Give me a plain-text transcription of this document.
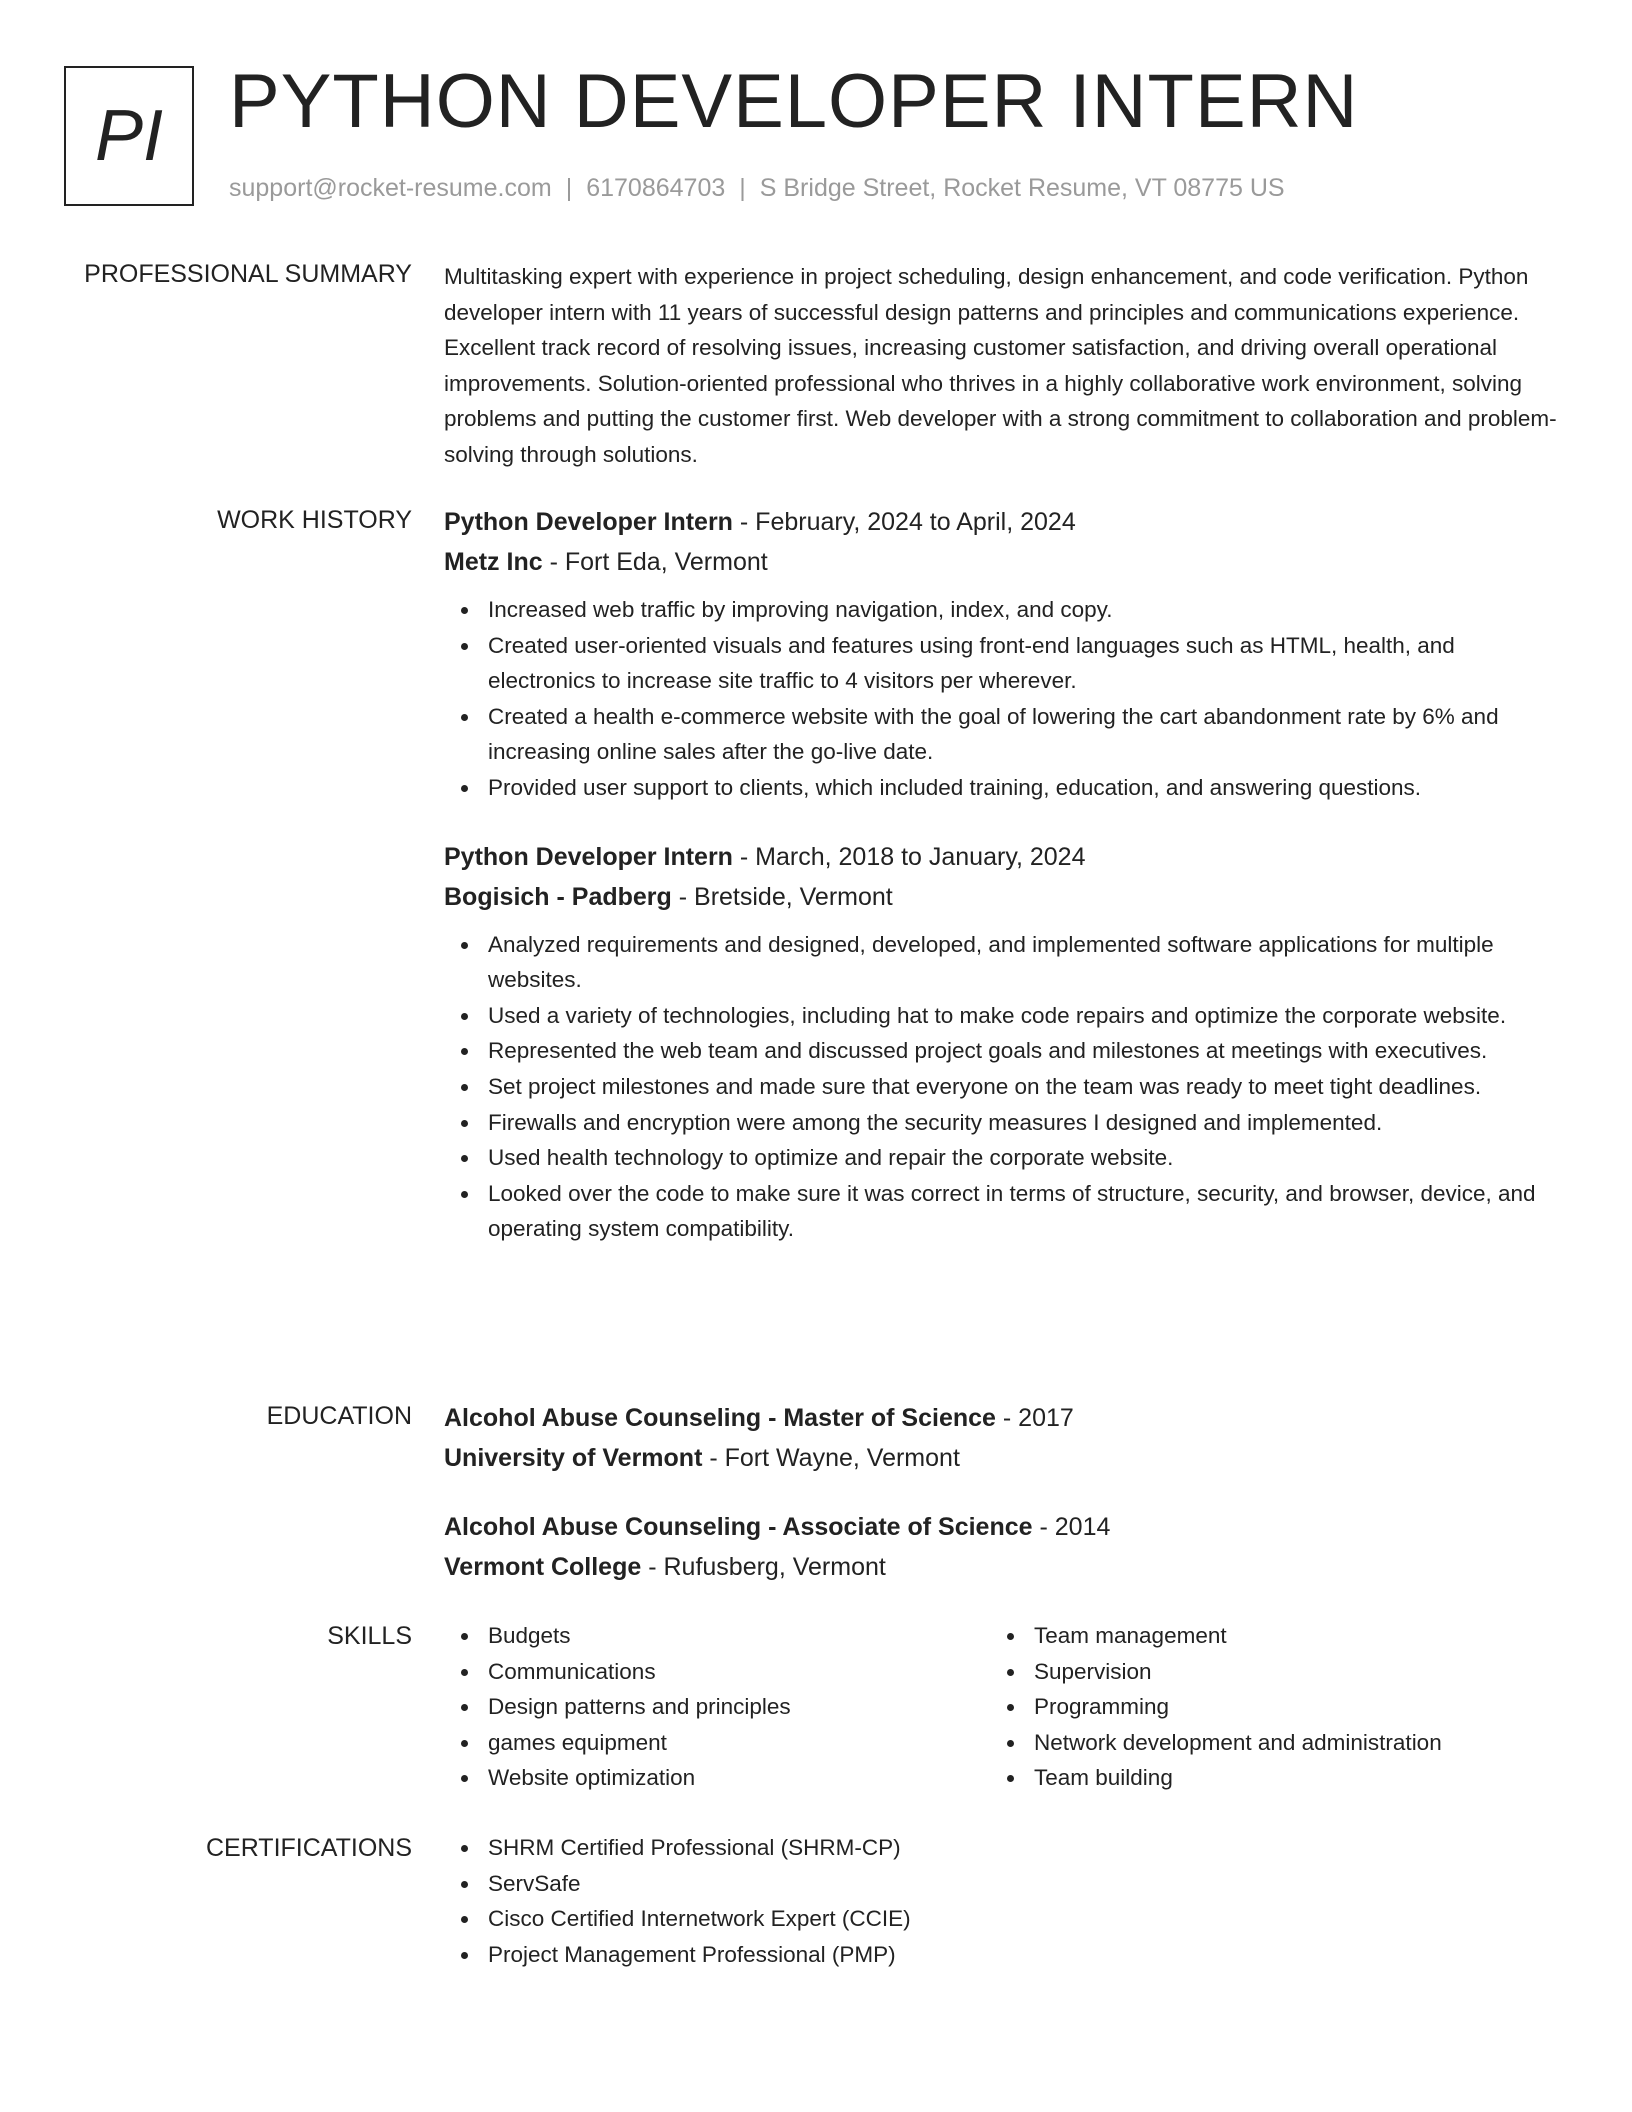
PI PYTHON DEVELOPER INTERN
support@rocket-resume.com | 6170864703 | S Bridge Street, Rocket Resume, VT 08775 US
PROFESSIONAL SUMMARY Multitasking expert with experience in project scheduling, design enhancement, and code verification. Python developer intern with 11 years of successful design patterns and principles and communications experience. Excellent track record of resolving issues, increasing customer satisfaction, and driving overall operational improvements. Solution-oriented professional who thrives in a highly collaborative work environment, solving problems and putting the customer first. Web developer with a strong commitment to collaboration and problem-solving through solutions.

WORK HISTORY Python Developer Intern - February, 2024 to April, 2024
Metz Inc - Fort Eda, Vermont
Increased web traffic by improving navigation, index, and copy.
Created user-oriented visuals and features using front-end languages such as HTML, health, and electronics to increase site traffic to 4 visitors per wherever.
Created a health e-commerce website with the goal of lowering the cart abandonment rate by 6% and increasing online sales after the go-live date.
Provided user support to clients, which included training, education, and answering questions.
Python Developer Intern - March, 2018 to January, 2024
Bogisich - Padberg - Bretside, Vermont
Analyzed requirements and designed, developed, and implemented software applications for multiple websites.
Used a variety of technologies, including hat to make code repairs and optimize the corporate website.
Represented the web team and discussed project goals and milestones at meetings with executives.
Set project milestones and made sure that everyone on the team was ready to meet tight deadlines.
Firewalls and encryption were among the security measures I designed and implemented.
Used health technology to optimize and repair the corporate website.
Looked over the code to make sure it was correct in terms of structure, security, and browser, device, and operating system compatibility.
EDUCATION Alcohol Abuse Counseling - Master of Science - 2017
University of Vermont - Fort Wayne, Vermont
Alcohol Abuse Counseling - Associate of Science - 2014
Vermont College - Rufusberg, Vermont
SKILLS	Budgets
Communications
Design patterns and principles
games equipment
Website optimization
Team management
Supervision
Programming
Network development and administration
Team building
CERTIFICATIONS	SHRM Certified Professional (SHRM-CP)
ServSafe
Cisco Certified Internetwork Expert (CCIE)
Project Management Professional (PMP)
